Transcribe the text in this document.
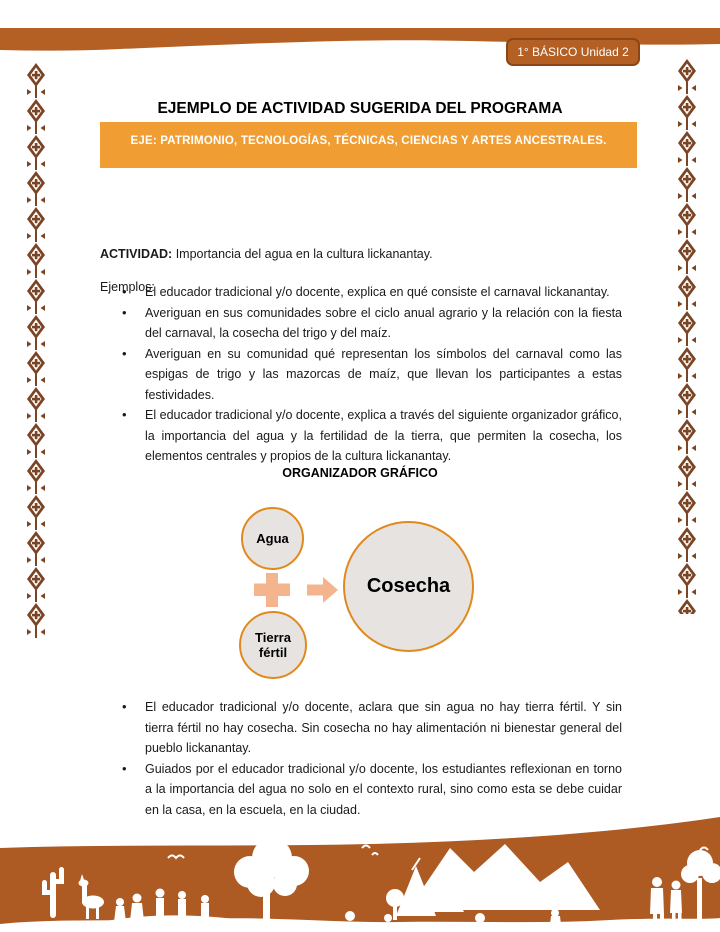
1° BÁSICO Unidad 2
EJEMPLO DE ACTIVIDAD SUGERIDA DEL PROGRAMA
EJE: PATRIMONIO, TECNOLOGÍAS, TÉCNICAS, CIENCIAS Y ARTES ANCESTRALES.

ACTIVIDAD: Importancia del agua en la cultura lickanantay.

Ejemplos:

• El educador tradicional y/o docente, explica en qué consiste el carnaval lickanantay.
• Averiguan en sus comunidades sobre el ciclo anual agrario y la relación con la fiesta del carnaval, la cosecha del trigo y del maíz.
• Averiguan en su comunidad qué representan los símbolos del carnaval como las espigas de trigo y las mazorcas de maíz, que llevan los participantes a estas festividades.
• El educador tradicional y/o docente, explica a través del siguiente organizador gráfico, la importancia del agua y la fertilidad de la tierra, que permiten la cosecha, los elementos centrales y propios de la cultura lickanantay.
ORGANIZADOR GRÁFICO
Agua
Tierra fértil
Cosecha
• El educador tradicional y/o docente, aclara que sin agua no hay tierra fértil. Y sin tierra fértil no hay cosecha. Sin cosecha no hay alimentación ni bienestar general del pueblo lickanantay.
• Guiados por el educador tradicional y/o docente, los estudiantes reflexionan en torno a la importancia del agua no solo en el contexto rural, sino como esta se debe cuidar en la casa, en la escuela, en la ciudad.
